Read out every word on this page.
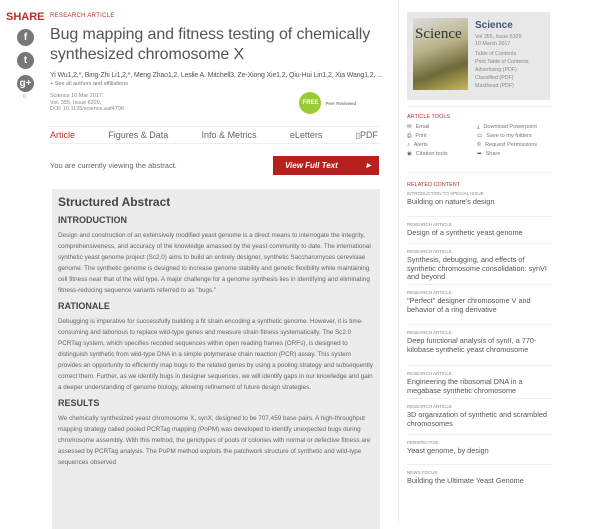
SHARE
f
t
g+
0
RESEARCH ARTICLE
Bug mapping and fitness testing of chemically synthesized chromosome X
Yi Wu1,2,*, Bing-Zhi Li1,2,*, Meng Zhao1,2, Leslie A. Mitchell3, Ze-Xiong Xie1,2, Qiu-Hui Lin1,2, Xia Wang1,2, ...
+ See all authors and affiliations
Science 10 Mar 2017:
Vol. 355, Issue 6329,
DOI: 10.1126/science.aaf4706
FREE	Peer Reviewed
Article	Figures & Data	Info & Metrics	eLetters	▯PDF
You are currently viewing the abstract.	View Full Text	▶
Structured Abstract
INTRODUCTION

Design and construction of an extensively modified yeast genome is a direct means to interrogate the integrity, comprehensiveness, and accuracy of the knowledge amassed by the yeast community to date. The international synthetic yeast genome project (Sc2.0) aims to build an entirely designer, synthetic Saccharomyces cerevisiae genome. The synthetic genome is designed to increase genome stability and genetic flexibility while maintaining cell fitness near that of the wild type. A major challenge for a genome synthesis lies in identifying and eliminating fitness-reducing sequence variants referred to as "bugs."

RATIONALE

Debugging is imperative for successfully building a fit strain encoding a synthetic genome. However, it is time-consuming and laborious to replace wild-type genes and measure strain fitness systematically. The Sc2.0 PCRTag system, which specifies recoded sequences within open reading frames (ORFs), is designed to distinguish synthetic from wild-type DNA in a simple polymerase chain reaction (PCR) assay. This system provides an opportunity to efficiently map bugs to the related genes by using a pooling strategy and subsequently correct them. Further, as we identify bugs in designer sequences, we will identify gaps in our knowledge and gain a deeper understanding of genome biology, allowing refinement of future design strategies.

RESULTS

We chemically synthesized yeast chromosome X, synX, designed to be 707,459 base pairs. A high-throughput mapping strategy called pooled PCRTag mapping (PoPM) was developed to identify unexpected bugs during chromosome assembly. With this method, the genotypes of pools of colonies with normal or defective fitness are assessed by PCRTag analysis. The PoPM method exploits the patchwork structure of synthetic and wild-type sequences observed

Science
Science
Vol 355, Issue 6329
10 March 2017
Table of Contents
Print Table of Contents
Advertising (PDF)
Classified (PDF)
Masthead (PDF)
ARTICLE TOOLS
✉ Email
⎙ Print
♪ Alerts
◉ Citation tools
⤓ Download Powerpoint
▭ Save to my folders
© Request Permissions
➦ Share
RELATED CONTENT
INTRODUCTION TO SPECIAL ISSUE
Building on nature's design
RESEARCH ARTICLE
Design of a synthetic yeast genome
RESEARCH ARTICLE
Synthesis, debugging, and effects of synthetic chromosome consolidation: synVI and beyond
RESEARCH ARTICLE
"Perfect" designer chromosome V and behavior of a ring derivative
RESEARCH ARTICLE
Deep functional analysis of synII, a 770-kilobase synthetic yeast chromosome
RESEARCH ARTICLE
Engineering the ribosomal DNA in a megabase synthetic chromosome
RESEARCH ARTICLE
3D organization of synthetic and scrambled chromosomes
PERSPECTIVE
Yeast genome, by design
NEWS FOCUS
Building the Ultimate Yeast Genome
